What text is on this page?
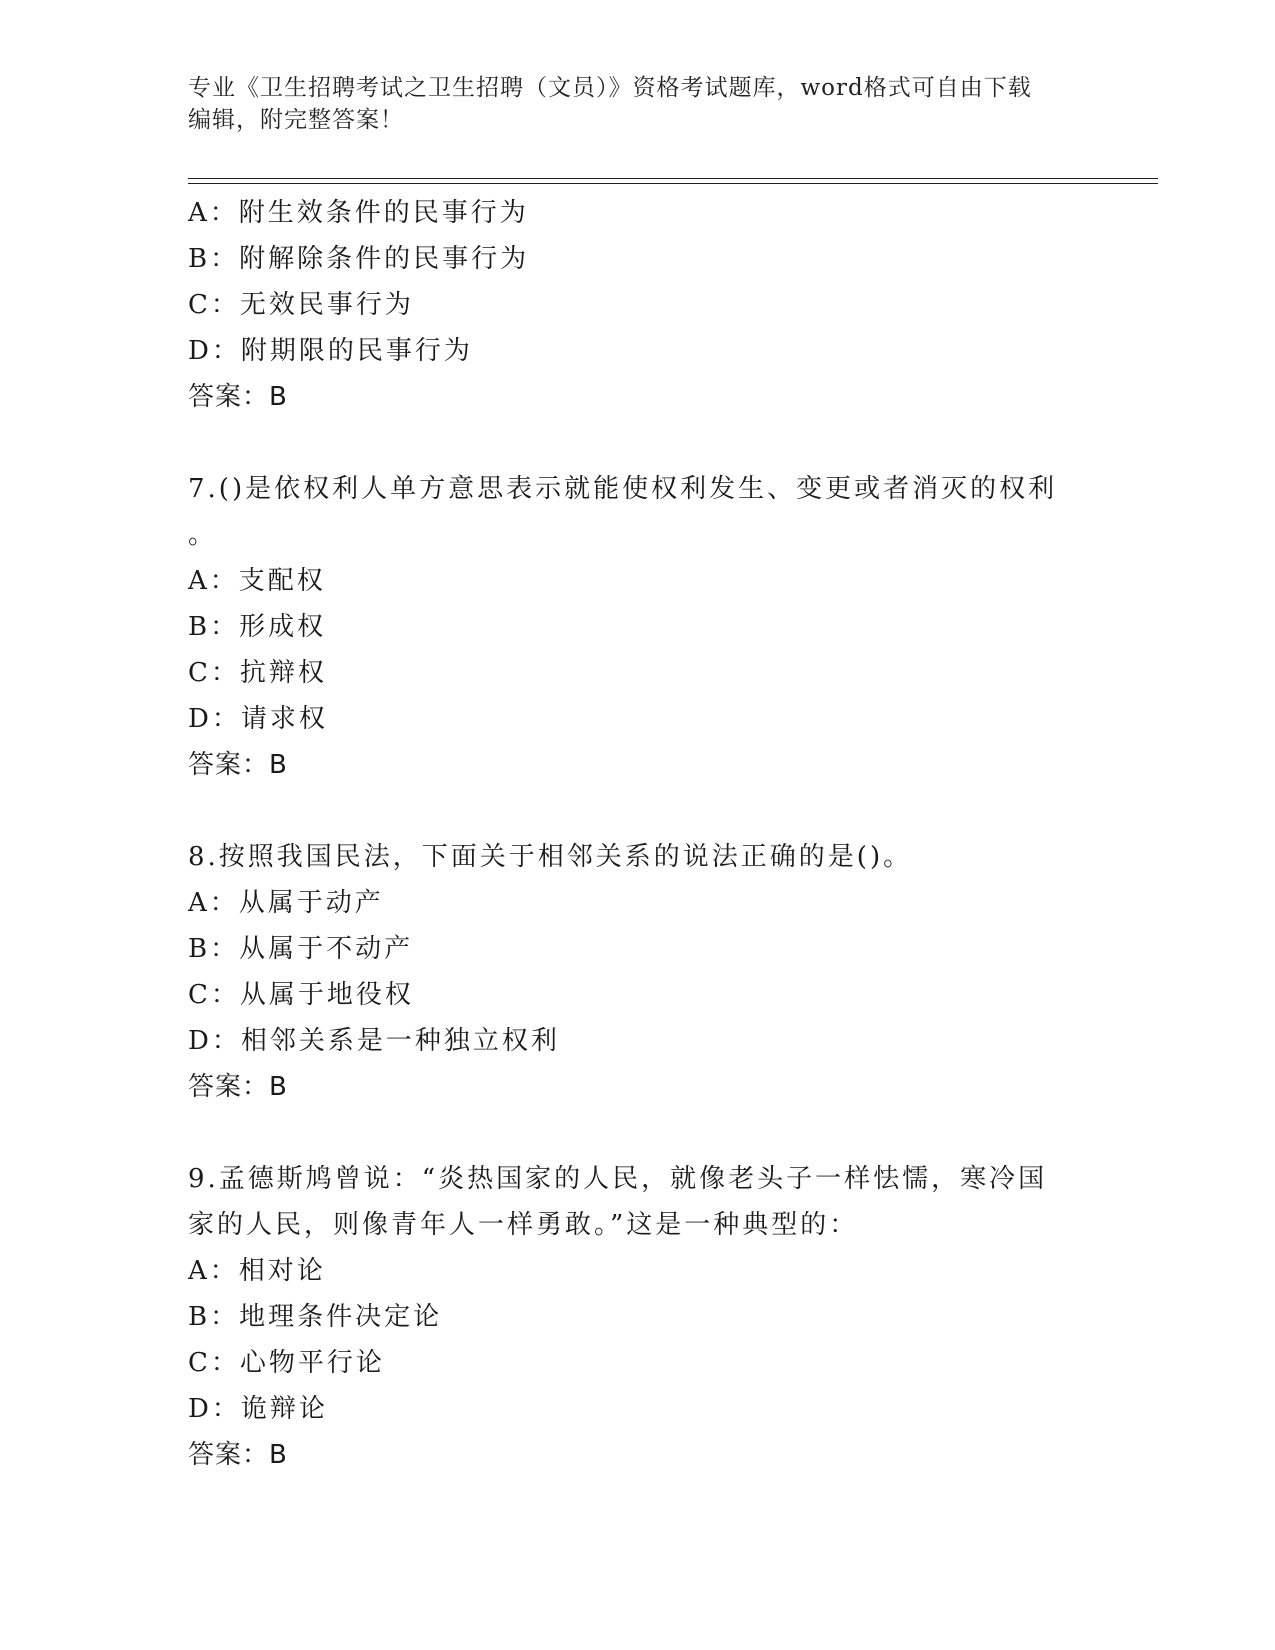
专业《卫生招聘考试之卫生招聘（文员）》资格考试题库，word格式可自由下载
编辑，附完整答案！
A：附生效条件的民事行为
B：附解除条件的民事行为
C：无效民事行为
D：附期限的民事行为
答案：B
7.()是依权利人单方意思表示就能使权利发生、变更或者消灭的权利
。
A：支配权
B：形成权
C：抗辩权
D：请求权
答案：B
8.按照我国民法，下面关于相邻关系的说法正确的是()。
A：从属于动产
B：从属于不动产
C：从属于地役权
D：相邻关系是一种独立权利
答案：B
9.孟德斯鸠曾说：“炎热国家的人民，就像老头子一样怯懦，寒冷国
家的人民，则像青年人一样勇敢。”这是一种典型的：
A：相对论
B：地理条件决定论
C：心物平行论
D：诡辩论
答案：B
